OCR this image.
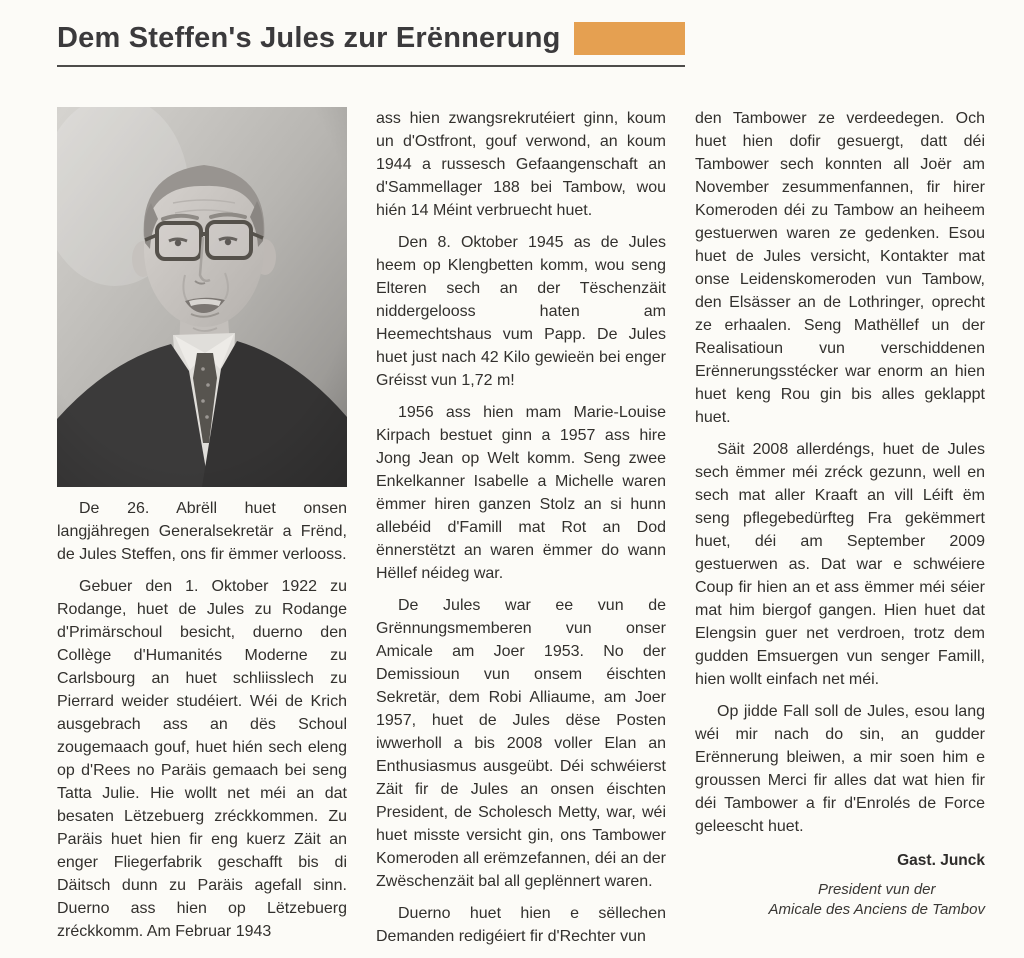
Dem Steffen's Jules zur Erënnerung

De 26. Abrëll huet onsen langjähregen Generalsekretär a Frënd, de Jules Steffen, ons fir ëmmer verlooss.

Gebuer den 1. Oktober 1922 zu Rodange, huet de Jules zu Rodange d'Primärschoul besicht, duerno den Collège d'Humanités Moderne zu Carlsbourg an huet schliisslech zu Pierrard weider studéiert. Wéi de Krich ausgebrach ass an dës Schoul zougemaach gouf, huet hién sech eleng op d'Rees no Paräis gemaach bei seng Tatta Julie. Hie wollt net méi an dat besaten Lëtzebuerg zréckkommen. Zu Paräis huet hien fir eng kuerz Zäit an enger Fliegerfabrik geschafft bis di Däitsch dunn zu Paräis agefall sinn. Duerno ass hien op Lëtzebuerg zréckkomm. Am Februar 1943

ass hien zwangsrekrutéiert ginn, koum un d'Ostfront, gouf verwond, an koum 1944 a russesch Gefaangenschaft an d'Sammellager 188 bei Tambow, wou hién 14 Méint verbruecht huet.

Den 8. Oktober 1945 as de Jules heem op Klengbetten komm, wou seng Elteren sech an der Tëschenzäit niddergelooss haten am Heemechtshaus vum Papp. De Jules huet just nach 42 Kilo gewieën bei enger Gréisst vun 1,72 m!

1956 ass hien mam Marie-Louise Kirpach bestuet ginn a 1957 ass hire Jong Jean op Welt komm. Seng zwee Enkelkanner Isabelle a Michelle waren ëmmer hiren ganzen Stolz an si hunn allebéid d'Famill mat Rot an Dod ënnerstëtzt an waren ëmmer do wann Hëllef néideg war.

De Jules war ee vun de Grënnungsmemberen vun onser Amicale am Joer 1953. No der Demissioun vun onsem éischten Sekretär, dem Robi Alliaume, am Joer 1957, huet de Jules dëse Posten iwwerholl a bis 2008 voller Elan an Enthusiasmus ausgeübt. Déi schwéierst Zäit fir de Jules an onsen éischten President, de Scholesch Metty, war, wéi huet misste versicht gin, ons Tambower Komeroden all erëmzefannen, déi an der Zwëschenzäit bal all geplënnert waren.

Duerno huet hien e sëllechen Demanden redigéiert fir d'Rechter vun

den Tambower ze verdeedegen. Och huet hien dofir gesuergt, datt déi Tambower sech konnten all Joër am November zesummenfannen, fir hirer Komeroden déi zu Tambow an heiheem gestuerwen waren ze gedenken. Esou huet de Jules versicht, Kontakter mat onse Leidenskomeroden vun Tambow, den Elsässer an de Lothringer, oprecht ze erhaalen. Seng Mathëllef un der Realisatioun vun verschiddenen Erënnerungsstécker war enorm an hien huet keng Rou gin bis alles geklappt huet.

Säit 2008 allerdéngs, huet de Jules sech ëmmer méi zréck gezunn, well en sech mat aller Kraaft an vill Léift ëm seng pflegebedürfteg Fra gekëmmert huet, déi am September 2009 gestuerwen as. Dat war e schwéiere Coup fir hien an et ass ëmmer méi séier mat him biergof gangen. Hien huet dat Elengsin guer net verdroen, trotz dem gudden Emsuergen vun senger Famill, hien wollt einfach net méi.

Op jidde Fall soll de Jules, esou lang wéi mir nach do sin, an gudder Erënnerung bleiwen, a mir soen him e groussen Merci fir alles dat wat hien fir déi Tambower a fir d'Enrolés de Force geleescht huet.

Gast. Junck
President vun der
Amicale des Anciens de Tambov
